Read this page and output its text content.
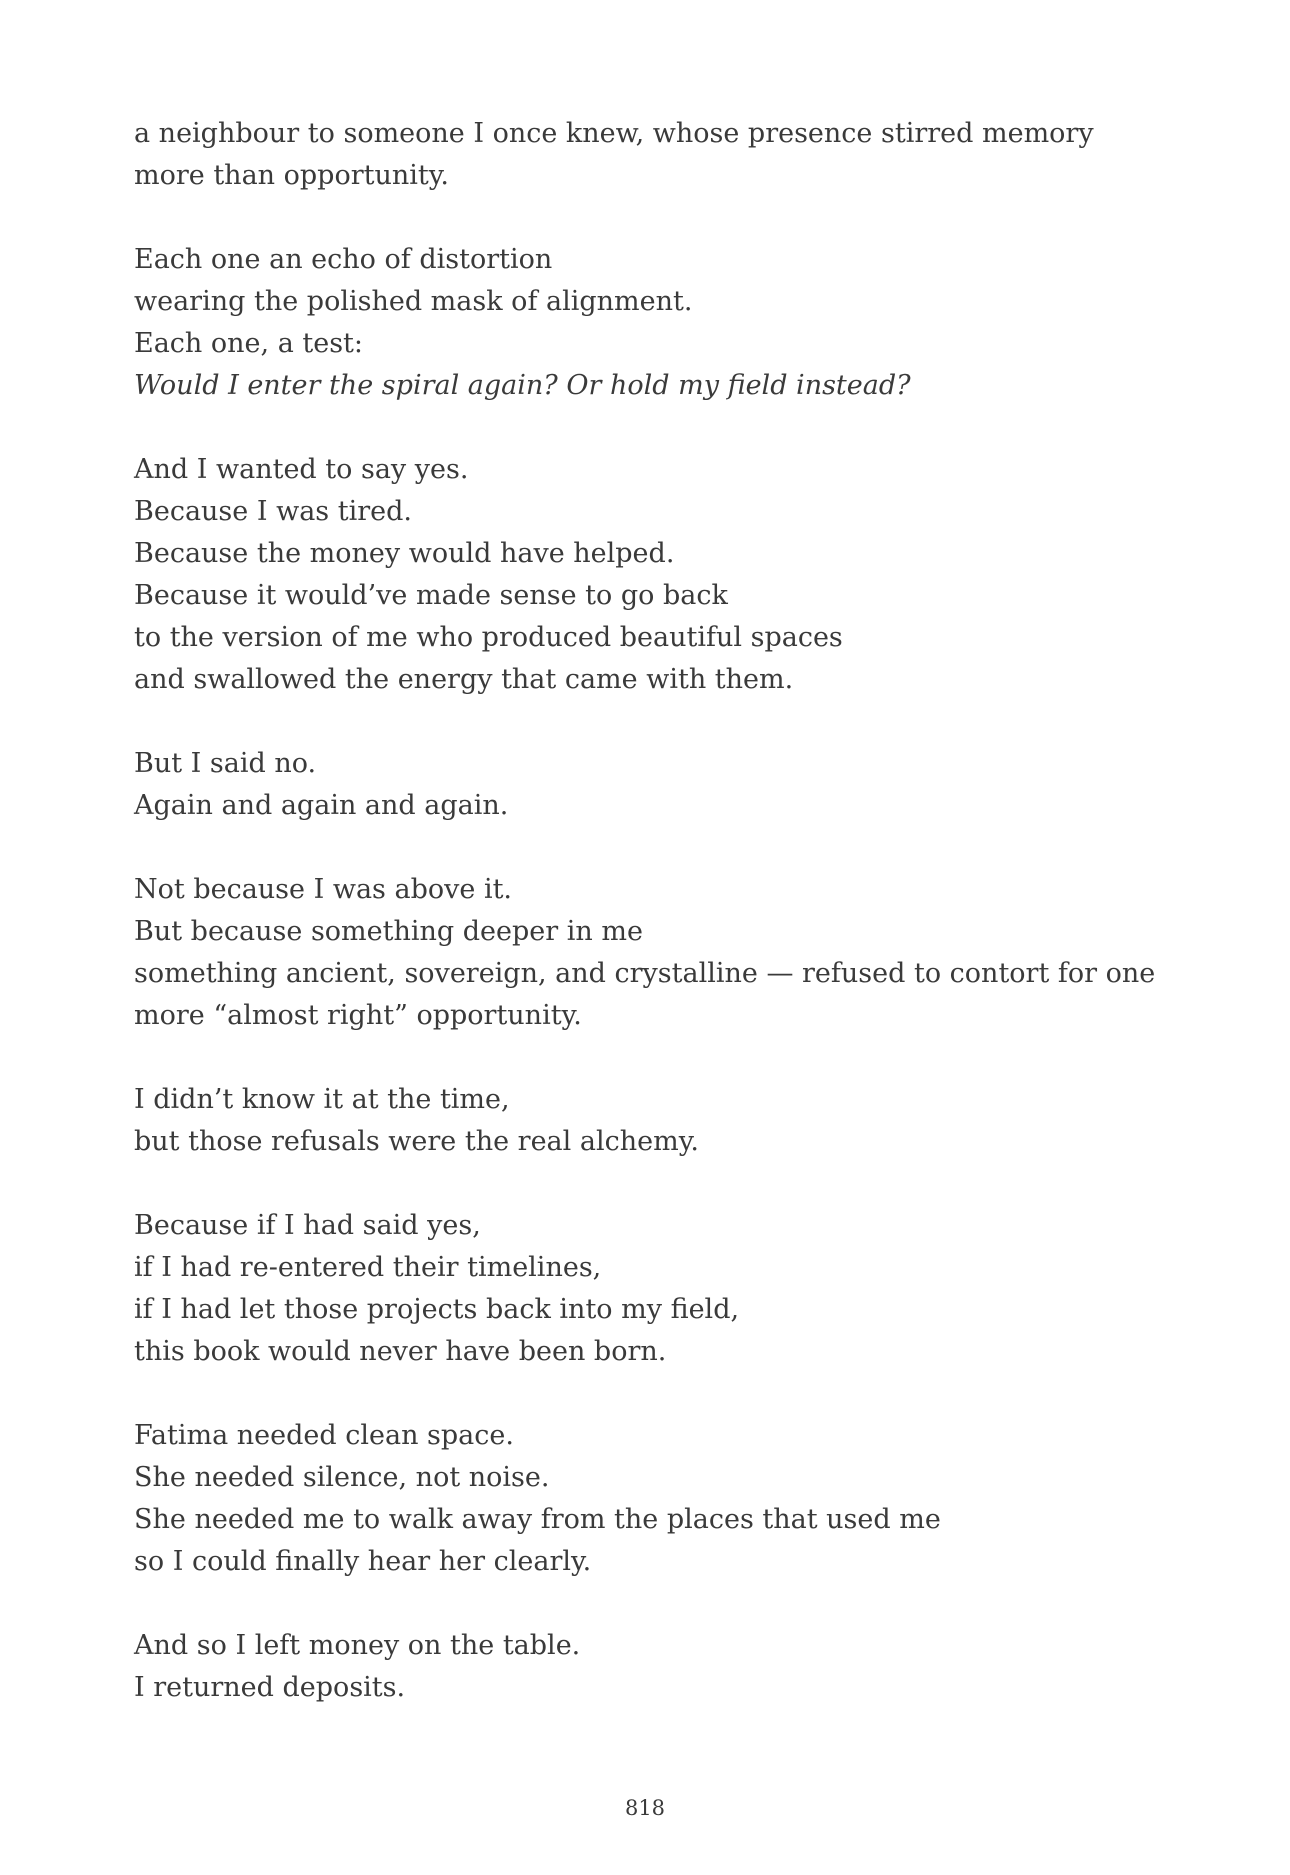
a neighbour to someone I once knew, whose presence stirred memory more than opportunity.
Each one an echo of distortion
wearing the polished mask of alignment.
Each one, a test:
Would I enter the spiral again? Or hold my field instead?
And I wanted to say yes.
Because I was tired.
Because the money would have helped.
Because it would’ve made sense to go back
to the version of me who produced beautiful spaces
and swallowed the energy that came with them.
But I said no.
Again and again and again.
Not because I was above it.
But because something deeper in me
something ancient, sovereign, and crystalline — refused to contort for one more “almost right” opportunity.
I didn’t know it at the time,
but those refusals were the real alchemy.
Because if I had said yes,
if I had re-entered their timelines,
if I had let those projects back into my field,
this book would never have been born.
Fatima needed clean space.
She needed silence, not noise.
She needed me to walk away from the places that used me
so I could finally hear her clearly.
And so I left money on the table.
I returned deposits.
818
